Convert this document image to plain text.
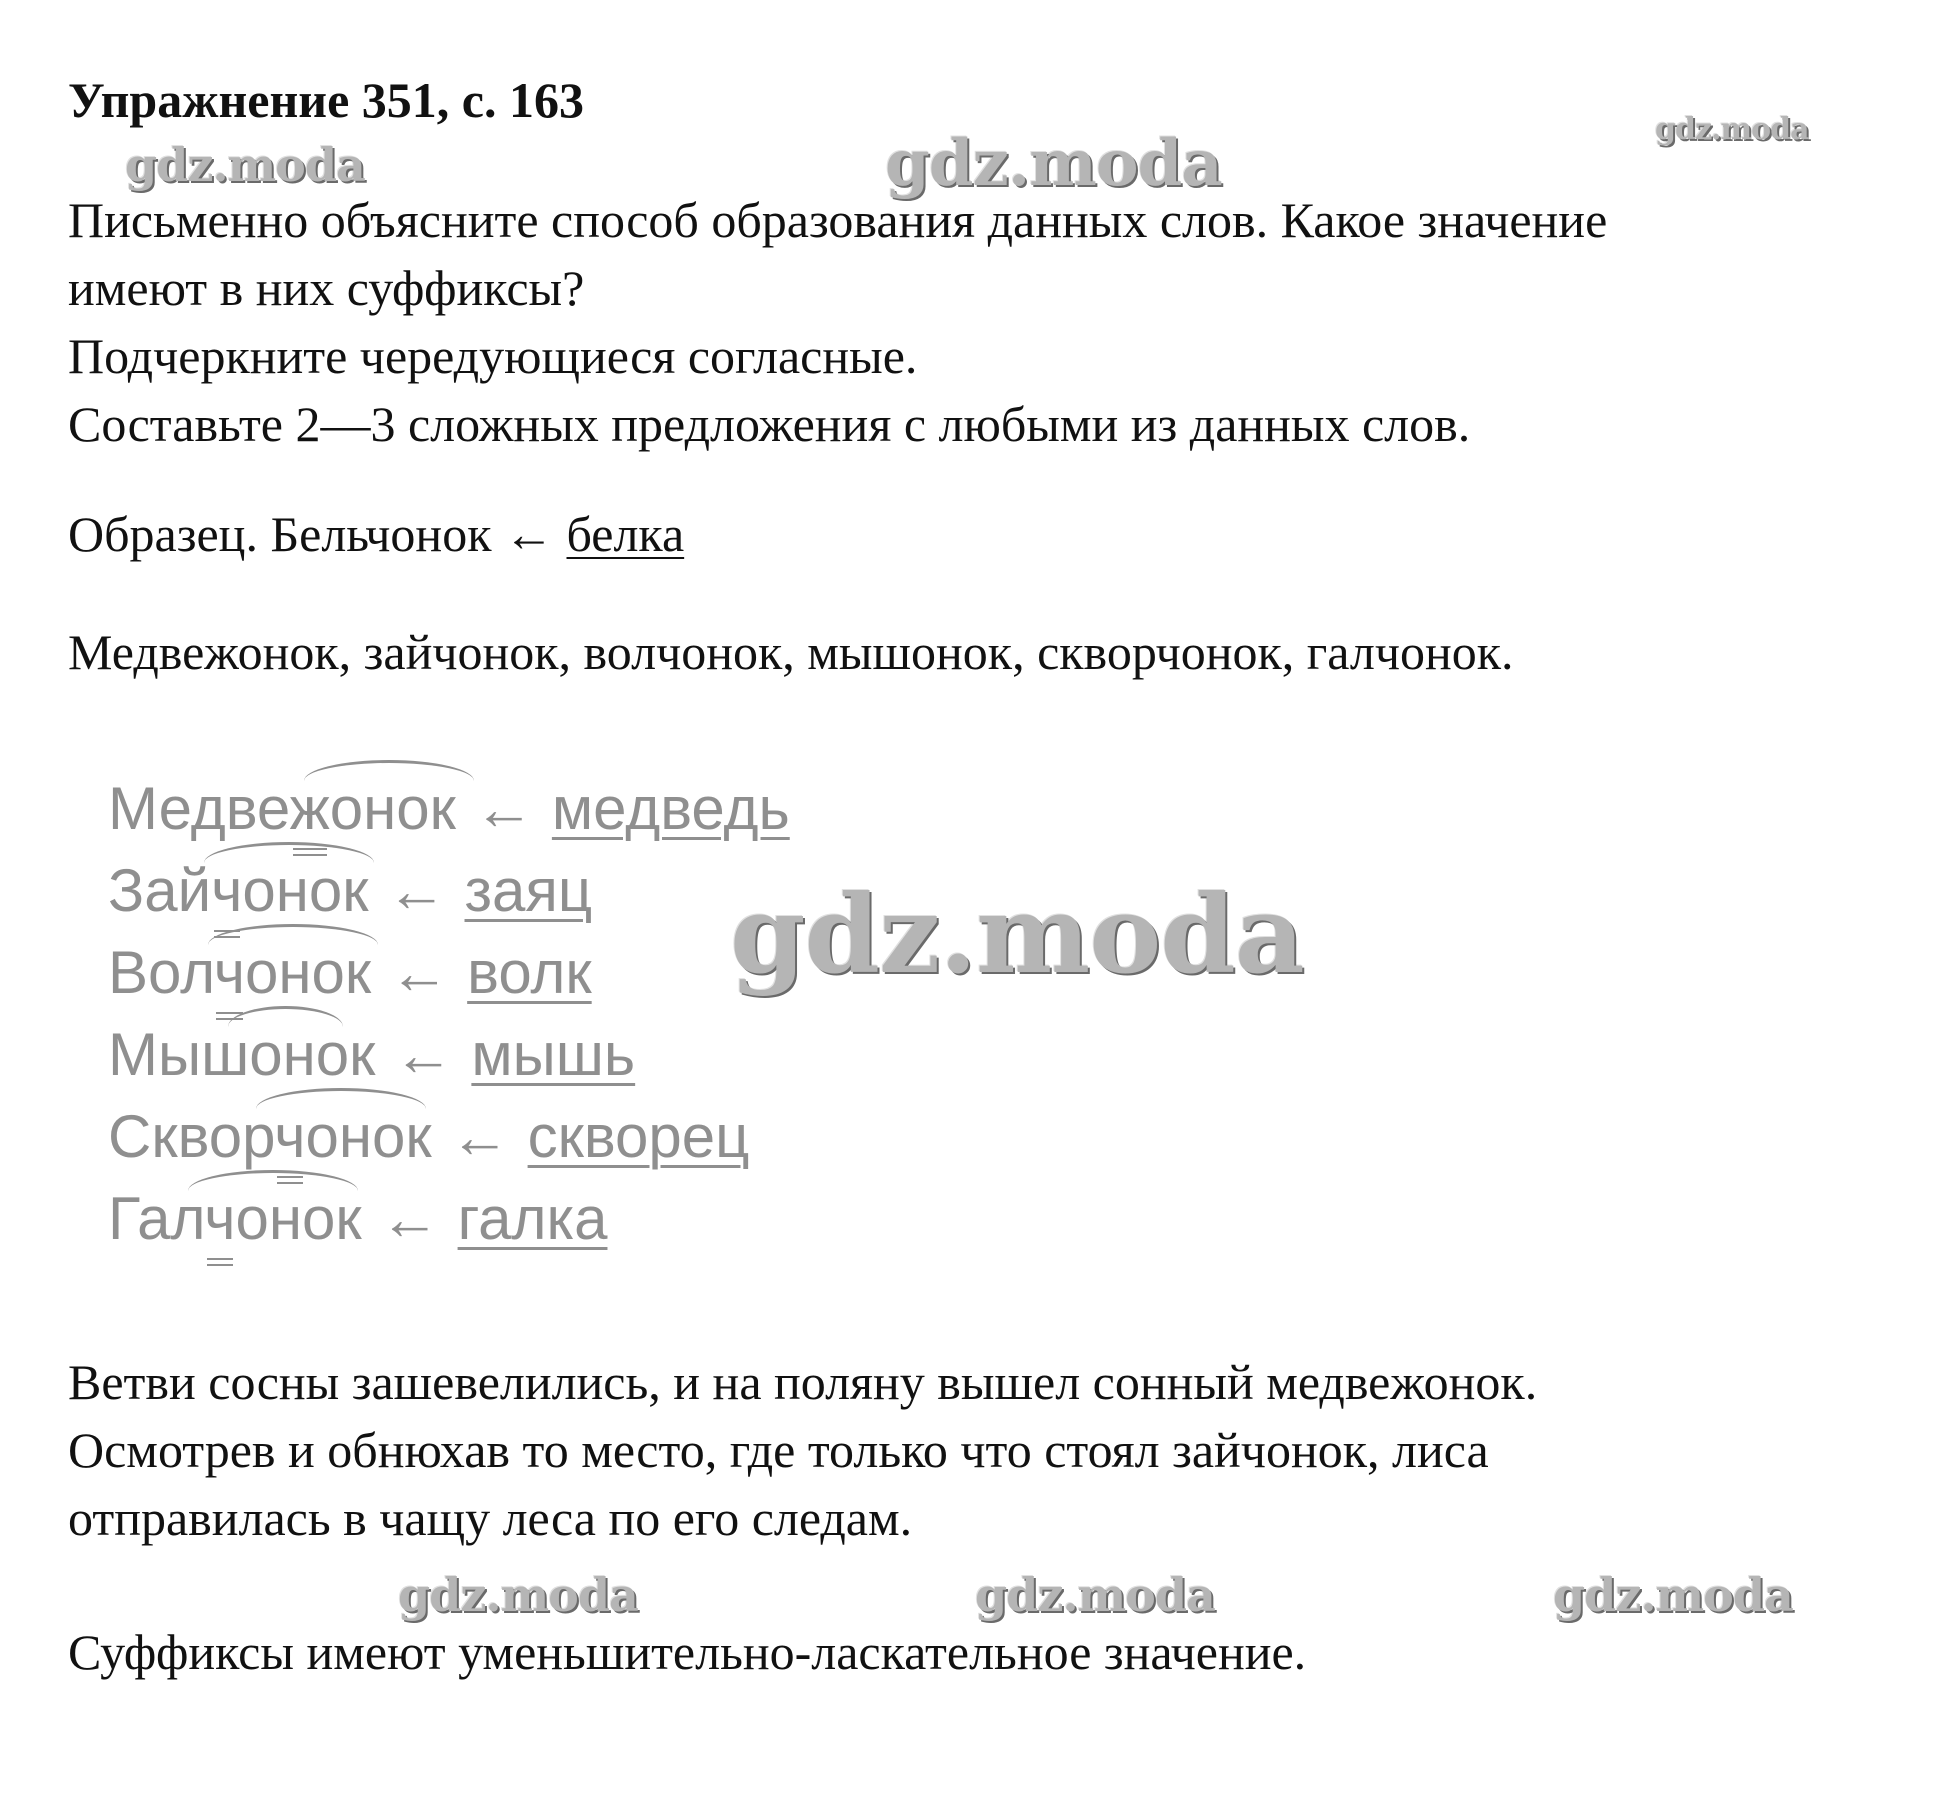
Упражнение 351, с. 163
gdz.moda	gdz.moda	gdz.moda
Письменно объясните способ образования данных слов. Какое значение
имеют в них суффиксы?
Подчеркните чередующиеся согласные.
Составьте 2—3 сложных предложения с любыми из данных слов.
Образец. Бельчонок ← белка
Медвежонок, зайчонок, волчонок, мышонок, скворчонок, галчонок.
Медвежонок ← медведь
Зайчонок ← заяц
Волчонок ← волк
Мышонок ← мышь
Скворчонок ← скворец
Галчонок ← галка
gdz.moda
Ветви сосны зашевелились, и на поляну вышел сонный медвежонок.
Осмотрев и обнюхав то место, где только что стоял зайчонок, лиса
отправилась в чащу леса по его следам.
gdz.moda	gdz.moda	gdz.moda
Суффиксы имеют уменьшительно-ласкательное значение.
